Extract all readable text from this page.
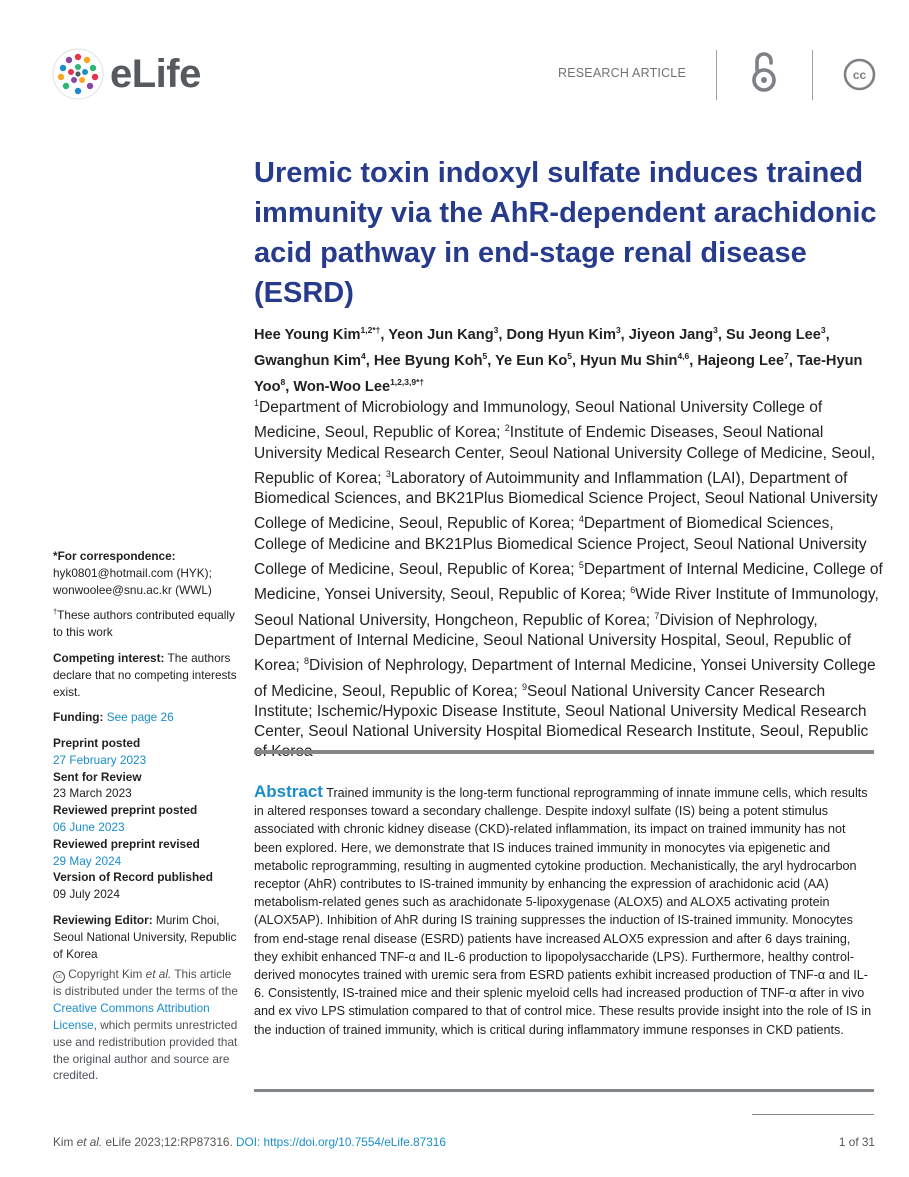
eLife	RESEARCH ARTICLE	cc
Uremic toxin indoxyl sulfate induces trained immunity via the AhR-dependent arachidonic acid pathway in end-stage renal disease (ESRD)
Hee Young Kim$^{1,2*\dagger}$, Yeon Jun Kang$^3$, Dong Hyun Kim$^3$, Jiyeon Jang$^3$, Su Jeong Lee$^3$, Gwanghun Kim$^4$, Hee Byung Koh$^5$, Ye Eun Ko$^5$, Hyun Mu Shin$^{4,6}$, Hajeong Lee$^7$, Tae-Hyun Yoo$^8$, Won-Woo Lee$^{1,2,3,9*\dagger}$
$^1$Department of Microbiology and Immunology, Seoul National University College of Medicine, Seoul, Republic of Korea; $^2$Institute of Endemic Diseases, Seoul National University Medical Research Center, Seoul National University College of Medicine, Seoul, Republic of Korea; $^3$Laboratory of Autoimmunity and Inflammation (LAI), Department of Biomedical Sciences, and BK21Plus Biomedical Science Project, Seoul National University College of Medicine, Seoul, Republic of Korea; $^4$Department of Biomedical Sciences, College of Medicine and BK21Plus Biomedical Science Project, Seoul National University College of Medicine, Seoul, Republic of Korea; $^5$Department of Internal Medicine, College of Medicine, Yonsei University, Seoul, Republic of Korea; $^6$Wide River Institute of Immunology, Seoul National University, Hongcheon, Republic of Korea; $^7$Division of Nephrology, Department of Internal Medicine, Seoul National University Hospital, Seoul, Republic of Korea; $^8$Division of Nephrology, Department of Internal Medicine, Yonsei University College of Medicine, Seoul, Republic of Korea; $^9$Seoul National University Cancer Research Institute; Ischemic/Hypoxic Disease Institute, Seoul National University Medical Research Center, Seoul National University Hospital Biomedical Research Institute, Seoul, Republic

*For correspondence:

hyk0801@hotmail.com (HYK);
wonwoolee@snu.ac.kr (WWL)

†These authors contributed equally to this work

Competing interest: The authors declare that no competing interests exist.

Funding: See page 26

Preprint posted

27 February 2023

Sent for Review

23 March 2023

Reviewed preprint posted

06 June 2023

Reviewed preprint revised

29 May 2024

Version of Record published

09 July 2024

Reviewing Editor: Murim Choi, Seoul National University, Republic of Korea

cc Copyright Kim et al. This article is distributed under the terms of the Creative Commons Attribution License, which permits unrestricted use and redistribution provided that the original author and source are credited.

Abstract Trained immunity is the long-term functional reprogramming of innate immune cells, which results in altered responses toward a secondary challenge. Despite indoxyl sulfate (IS) being a potent stimulus associated with chronic kidney disease (CKD)-related inflammation, its impact on trained immunity has not been explored. Here, we demonstrate that IS induces trained immunity in monocytes via epigenetic and metabolic reprogramming, resulting in augmented cytokine production. Mechanistically, the aryl hydrocarbon receptor (AhR) contributes to IS-trained immunity by enhancing the expression of arachidonic acid (AA) metabolism-related genes such as arachidonate 5-lipoxygenase (ALOX5) and ALOX5 activating protein (ALOX5AP). Inhibition of AhR during IS training suppresses the induction of IS-trained immunity. Monocytes from end-stage renal disease (ESRD) patients have increased ALOX5 expression and after 6 days training, they exhibit enhanced TNF-α and IL-6 production to lipopolysaccharide (LPS). Furthermore, healthy control-derived monocytes trained with uremic sera from ESRD patients exhibit increased production of TNF-α and IL-6. Consistently, IS-trained mice and their splenic myeloid cells had increased production of TNF-α after in vivo and ex vivo LPS stimulation compared to that of control mice. These results provide insight into the role of IS in the induction of trained immunity, which is critical during inflammatory immune responses in CKD patients.
Kim et al. eLife 2023;12:RP87316. DOI: https://doi.org/10.7554/eLife.87316	1 of 31
